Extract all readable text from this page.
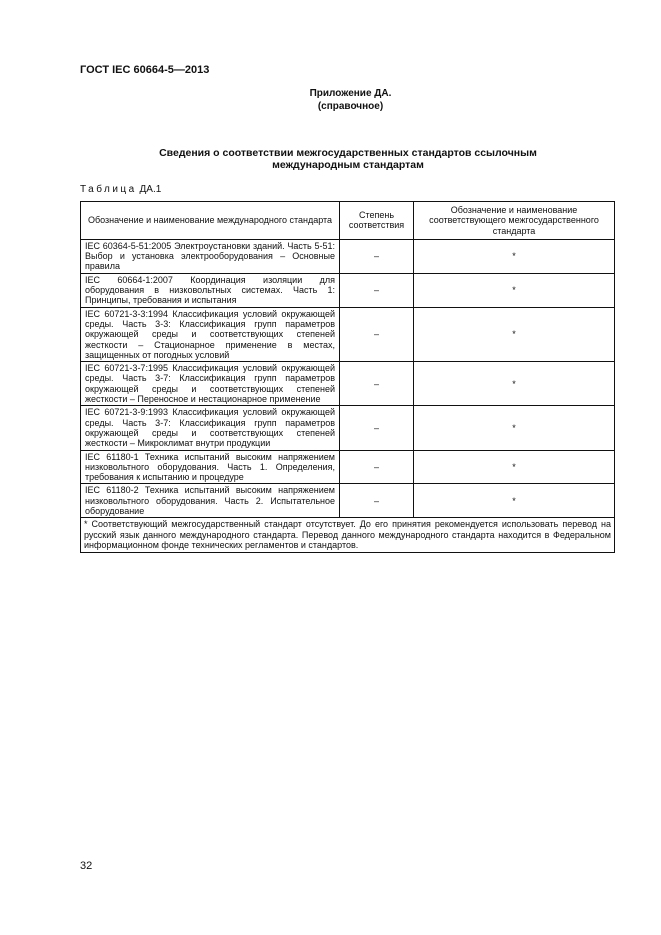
ГОСТ IEC 60664-5—2013
Приложение ДА.
(справочное)
Сведения о соответствии межгосударственных стандартов ссылочным
международным стандартам
Таблица ДА.1
Обозначение и наименование международного стандарта	Степень соответствия	Обозначение и наименование соответствующего межгосударственного стандарта
IEC 60364-5-51:2005 Электроустановки зданий. Часть 5-51: Выбор и установка электрооборудования – Основные правила	–	*
IEC 60664-1:2007 Координация изоляции для оборудования в низковольтных системах. Часть 1: Принципы, требования и испытания	–	*
IEC 60721-3-3:1994 Классификация условий окружающей среды. Часть 3-3: Классификация групп параметров окружающей среды и соответствующих степеней жесткости – Стационарное применение в местах, защищенных от погодных условий	–	*
IEC 60721-3-7:1995 Классификация условий окружающей среды. Часть 3-7: Классификация групп параметров окружающей среды и соответствующих степеней жесткости – Переносное и нестационарное применение	–	*
IEC 60721-3-9:1993 Классификация условий окружающей среды. Часть 3-7: Классификация групп параметров окружающей среды и соответствующих степеней жесткости – Микроклимат внутри продукции	–	*
IEC 61180-1 Техника испытаний высоким напряжением низковольтного оборудования. Часть 1. Определения, требования к испытанию и процедуре	–	*
IEC 61180-2 Техника испытаний высоким напряжением низковольтного оборудования. Часть 2. Испытательное оборудование	–	*
* Соответствующий межгосударственный стандарт отсутствует. До его принятия рекомендуется использовать перевод на русский язык данного международного стандарта. Перевод данного международного стандарта находится в Федеральном информационном фонде технических регламентов и стандартов.		
32
